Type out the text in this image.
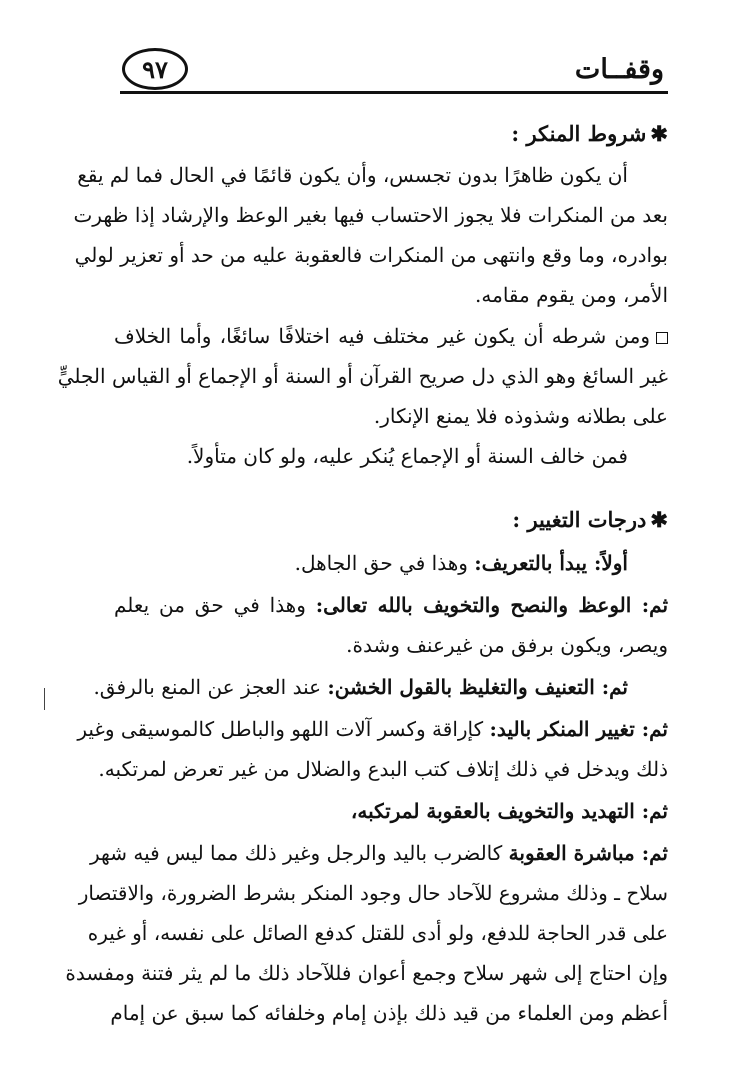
وقفــات
٩٧
✱شروط المنكر :
أن يكون ظاهرًا بدون تجسس، وأن يكون قائمًا في الحال فما لم يقع
بعد من المنكرات فلا يجوز الاحتساب فيها بغير الوعظ والإرشاد إذا ظهرت
بوادره، وما وقع وانتهى من المنكرات فالعقوبة عليه من حد أو تعزير لولي
الأمر، ومن يقوم مقامه.
ومن شرطه أن يكون غير مختلف فيه اختلافًا سائغًا، وأما الخلاف
غير السائغ وهو الذي دل صريح القرآن أو السنة أو الإجماع أو القياس الجليٍّ
على بطلانه وشذوذه فلا يمنع الإنكار.
فمن خالف السنة أو الإجماع يُنكر عليه، ولو كان متأولاً.
✱درجات التغيير :
أولاً: يبدأ بالتعريف: وهذا في حق الجاهل.
ثم: الوعظ والنصح والتخويف بالله تعالى: وهذا في حق من يعلم
ويصر، ويكون برفق من غيرعنف وشدة.
ثم: التعنيف والتغليظ بالقول الخشن: عند العجز عن المنع بالرفق.
ثم: تغيير المنكر باليد: كإراقة وكسر آلات اللهو والباطل كالموسيقى وغير
ذلك ويدخل في ذلك إتلاف كتب البدع والضلال من غير تعرض لمرتكبه.
ثم: التهديد والتخويف بالعقوبة لمرتكبه،
ثم: مباشرة العقوبة كالضرب باليد والرجل وغير ذلك مما ليس فيه شهر
سلاح ـ وذلك مشروع للآحاد حال وجود المنكر بشرط الضرورة، والاقتصار
على قدر الحاجة للدفع، ولو أدى للقتل كدفع الصائل على نفسه، أو غيره
وإن احتاج إلى شهر سلاح وجمع أعوان فللآحاد ذلك ما لم يثر فتنة ومفسدة
أعظم ومن العلماء من قيد ذلك بإذن إمام وخلفائه كما سبق عن إمام
